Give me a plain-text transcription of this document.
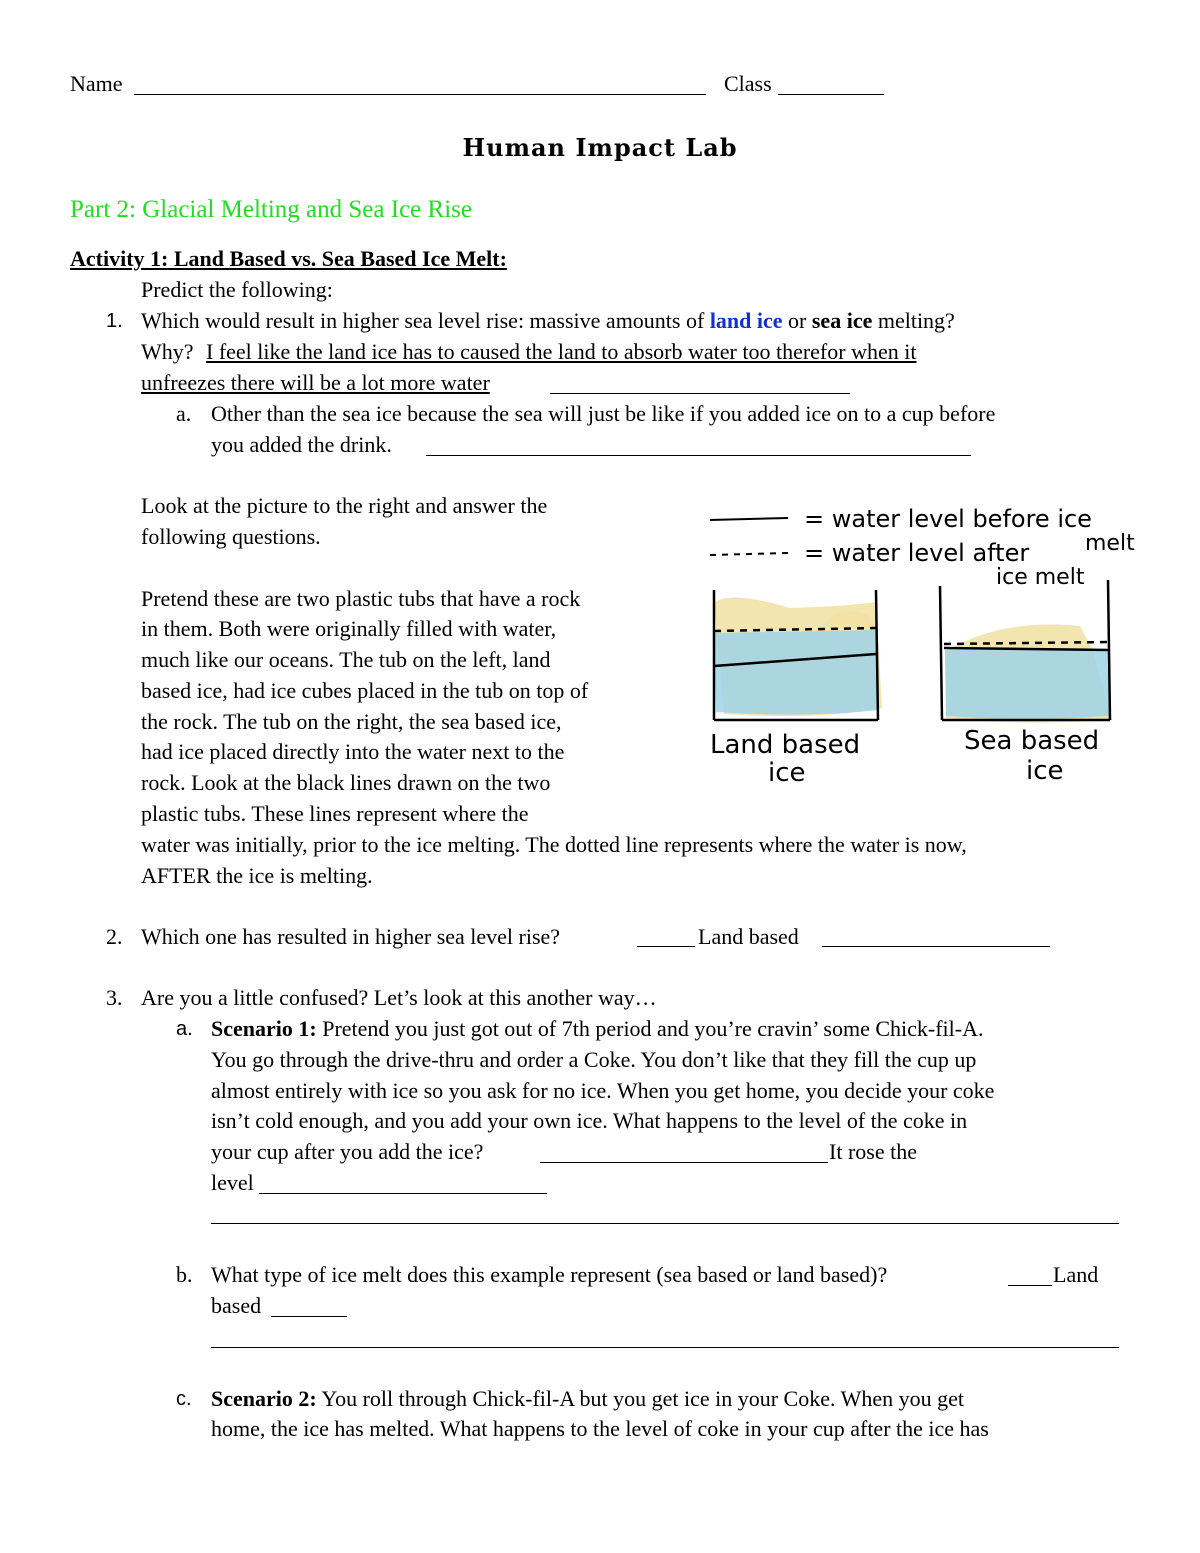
Name	Class
Human Impact Lab
Part 2: Glacial Melting and Sea Ice Rise
Activity 1: Land Based vs. Sea Based Ice Melt:
Predict the following:
1. Which would result in higher sea level rise: massive amounts of land ice or sea ice melting?
Why? I feel like the land ice has to caused the land to absorb water too therefor when it
unfreezes there will be a lot more water
a. Other than the sea ice because the sea will just be like if you added ice on to a cup before
you added the drink.
Look at the picture to the right and answer the
following questions.
Pretend these are two plastic tubs that have a rock
in them. Both were originally filled with water,
much like our oceans. The tub on the left, land
based ice, had ice cubes placed in the tub on top of
the rock. The tub on the right, the sea based ice,
had ice placed directly into the water next to the
rock. Look at the black lines drawn on the two
plastic tubs. These lines represent where the
water was initially, prior to the ice melting. The dotted line represents where the water is now,
AFTER the ice is melting.
= water level before ice
= water level after	melt
ice melt
Land based
ice
Sea based
ice
2. Which one has resulted in higher sea level rise?	Land based
3. Are you a little confused? Let’s look at this another way…
a. Scenario 1: Pretend you just got out of 7th period and you’re cravin’ some Chick-fil-A.
You go through the drive-thru and order a Coke. You don’t like that they fill the cup up
almost entirely with ice so you ask for no ice. When you get home, you decide your coke
isn’t cold enough, and you add your own ice. What happens to the level of the coke in
your cup after you add the ice?	It rose the
level
b. What type of ice melt does this example represent (sea based or land based)?	Land
based
c. Scenario 2: You roll through Chick-fil-A but you get ice in your Coke. When you get
home, the ice has melted. What happens to the level of coke in your cup after the ice has
